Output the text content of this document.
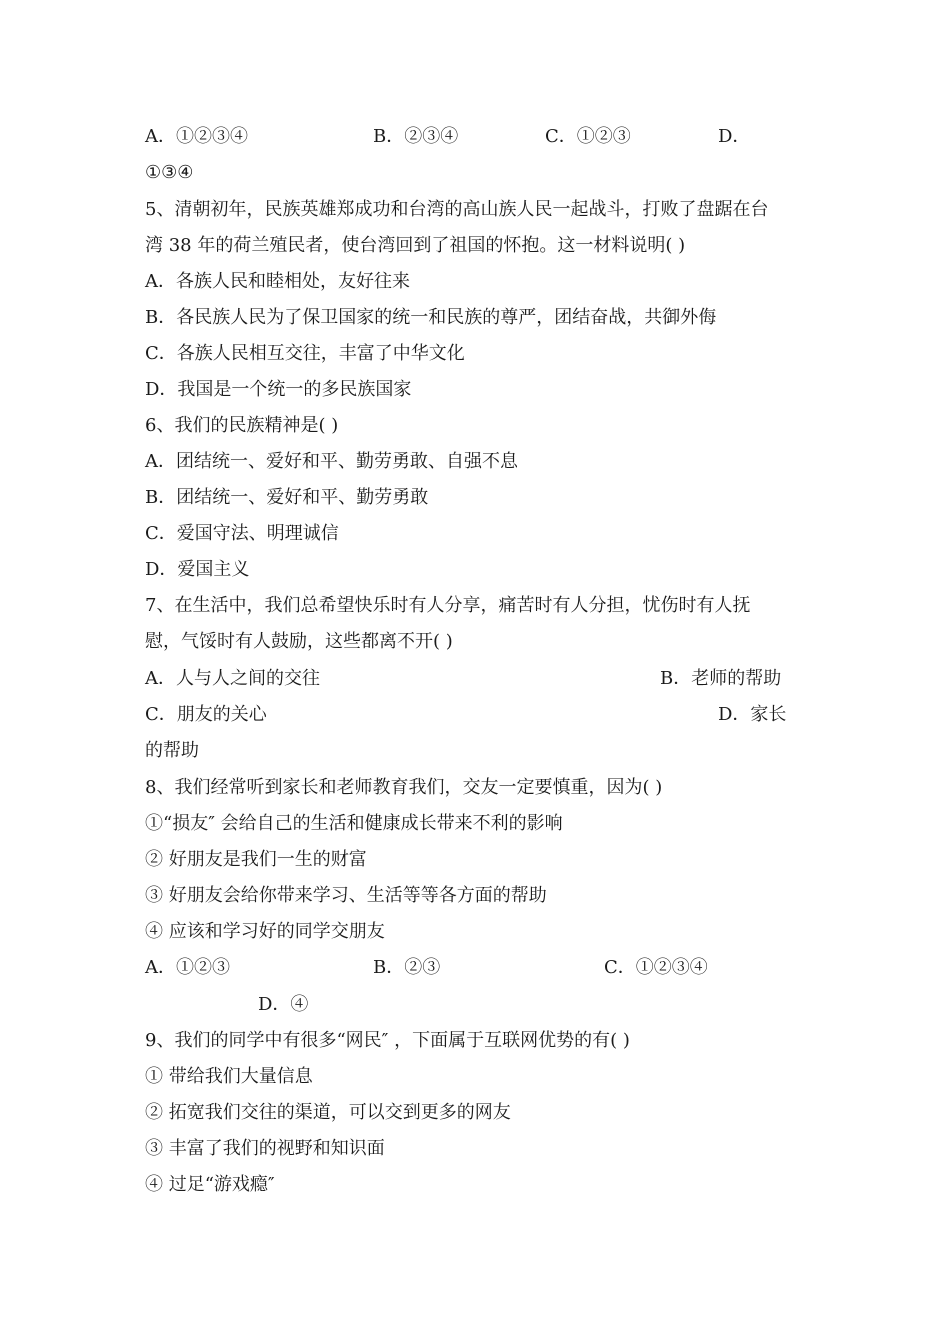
A．①②③④	B．②③④	C．①②③	D．
①③④
5、清朝初年，民族英雄郑成功和台湾的高山族人民一起战斗，打败了盘踞在台
湾 38 年的荷兰殖民者，使台湾回到了祖国的怀抱。这一材料说明( )
A．各族人民和睦相处，友好往来
B．各民族人民为了保卫国家的统一和民族的尊严，团结奋战，共御外侮
C．各族人民相互交往，丰富了中华文化
D．我国是一个统一的多民族国家
6、我们的民族精神是( )
A．团结统一、爱好和平、勤劳勇敢、自强不息
B．团结统一、爱好和平、勤劳勇敢
C．爱国守法、明理诚信
D．爱国主义
7、在生活中，我们总希望快乐时有人分享，痛苦时有人分担，忧伤时有人抚
慰，气馁时有人鼓励，这些都离不开( )
A．人与人之间的交往	B．老师的帮助
C．朋友的关心	D．家长
的帮助
8、我们经常听到家长和老师教育我们，交友一定要慎重，因为( )
①“损友″ 会给自己的生活和健康成长带来不利的影响
② 好朋友是我们一生的财富
③ 好朋友会给你带来学习、生活等等各方面的帮助
④ 应该和学习好的同学交朋友
A．①②③	B．②③	C．①②③④
D．④
9、我们的同学中有很多“网民″ ，下面属于互联网优势的有( )
① 带给我们大量信息
② 拓宽我们交往的渠道，可以交到更多的网友
③ 丰富了我们的视野和知识面
④ 过足“游戏瘾″
